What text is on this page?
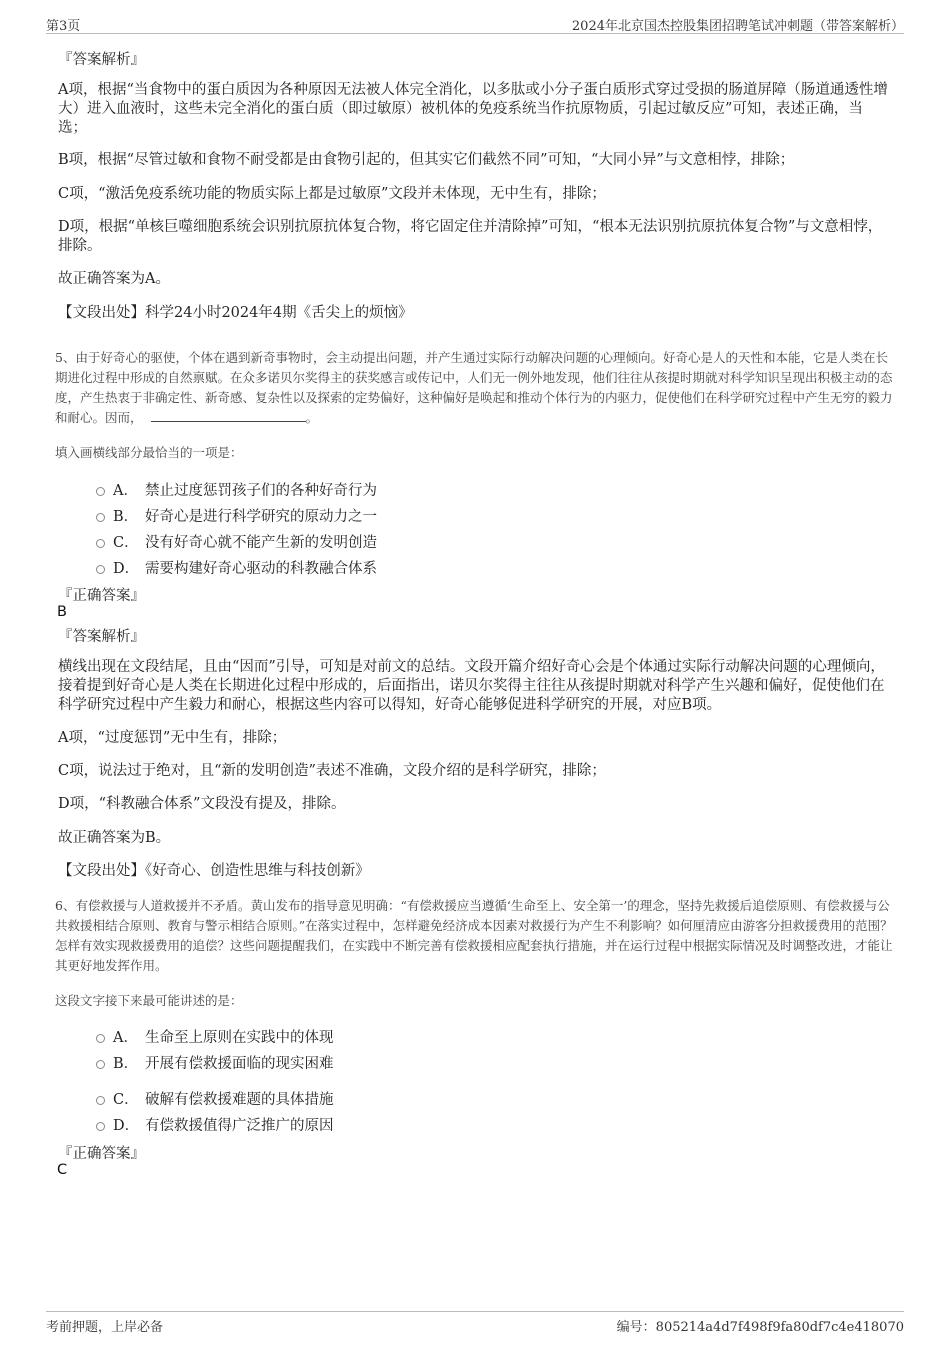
第3页	2024年北京国杰控股集团招聘笔试冲刺题（带答案解析）
『答案解析』
A项，根据“当食物中的蛋白质因为各种原因无法被人体完全消化，以多肽或小分子蛋白质形式穿过受损的肠道屏障（肠道通透性增大）进入血液时，这些未完全消化的蛋白质（即过敏原）被机体的免疫系统当作抗原物质，引起过敏反应”可知，表述正确，当选；
B项，根据“尽管过敏和食物不耐受都是由食物引起的，但其实它们截然不同”可知，“大同小异”与文意相悖，排除；
C项，“激活免疫系统功能的物质实际上都是过敏原”文段并未体现，无中生有，排除；
D项，根据“单核巨噬细胞系统会识别抗原抗体复合物，将它固定住并清除掉”可知，“根本无法识别抗原抗体复合物”与文意相悖，排除。
故正确答案为A。
【文段出处】科学24小时2024年4期《舌尖上的烦恼》
5、由于好奇心的驱使，个体在遇到新奇事物时，会主动提出问题，并产生通过实际行动解决问题的心理倾向。好奇心是人的天性和本能，它是人类在长期进化过程中形成的自然禀赋。在众多诺贝尔奖得主的获奖感言或传记中，人们无一例外地发现，他们往往从孩提时期就对科学知识呈现出积极主动的态度，产生热衷于非确定性、新奇感、复杂性以及探索的定势偏好，这种偏好是唤起和推动个体行为的内驱力，促使他们在科学研究过程中产生无穷的毅力和耐心。因而，	。
填入画横线部分最恰当的一项是：
A． 禁止过度惩罚孩子们的各种好奇行为
B． 好奇心是进行科学研究的原动力之一
C． 没有好奇心就不能产生新的发明创造
D． 需要构建好奇心驱动的科教融合体系
『正确答案』
B
『答案解析』
横线出现在文段结尾，且由“因而”引导，可知是对前文的总结。文段开篇介绍好奇心会是个体通过实际行动解决问题的心理倾向，接着提到好奇心是人类在长期进化过程中形成的，后面指出，诺贝尔奖得主往往从孩提时期就对科学产生兴趣和偏好，促使他们在科学研究过程中产生毅力和耐心，根据这些内容可以得知，好奇心能够促进科学研究的开展，对应B项。
A项，“过度惩罚”无中生有，排除；
C项，说法过于绝对，且“新的发明创造”表述不准确，文段介绍的是科学研究，排除；
D项，“科教融合体系”文段没有提及，排除。
故正确答案为B。
【文段出处】《好奇心、创造性思维与科技创新》
6、有偿救援与人道救援并不矛盾。黄山发布的指导意见明确：“有偿救援应当遵循‘生命至上、安全第一’的理念，坚持先救援后追偿原则、有偿救援与公共救援相结合原则、教育与警示相结合原则。”在落实过程中，怎样避免经济成本因素对救援行为产生不利影响？如何厘清应由游客分担救援费用的范围？怎样有效实现救援费用的追偿？这些问题提醒我们，在实践中不断完善有偿救援相应配套执行措施，并在运行过程中根据实际情况及时调整改进，才能让其更好地发挥作用。
这段文字接下来最可能讲述的是：
A． 生命至上原则在实践中的体现
B． 开展有偿救援面临的现实困难
C． 破解有偿救援难题的具体措施
D． 有偿救援值得广泛推广的原因
『正确答案』
C
考前押题，上岸必备	编号：805214a4d7f498f9fa80df7c4e418070
